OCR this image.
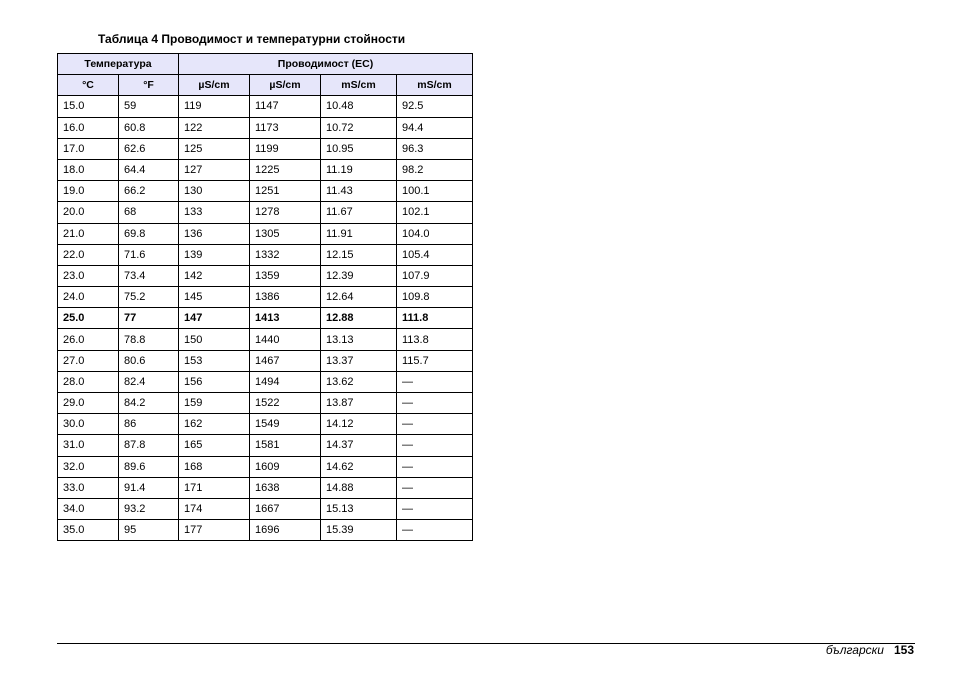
Таблица 4 Проводимост и температурни стойности
Температура		Проводимост (EC)			
°C	°F	µS/cm	µS/cm	mS/cm	mS/cm
15.0	59	119	1147	10.48	92.5
16.0	60.8	122	1173	10.72	94.4
17.0	62.6	125	1199	10.95	96.3
18.0	64.4	127	1225	11.19	98.2
19.0	66.2	130	1251	11.43	100.1
20.0	68	133	1278	11.67	102.1
21.0	69.8	136	1305	11.91	104.0
22.0	71.6	139	1332	12.15	105.4
23.0	73.4	142	1359	12.39	107.9
24.0	75.2	145	1386	12.64	109.8
25.0	77	147	1413	12.88	111.8
26.0	78.8	150	1440	13.13	113.8
27.0	80.6	153	1467	13.37	115.7
28.0	82.4	156	1494	13.62	—
29.0	84.2	159	1522	13.87	—
30.0	86	162	1549	14.12	—
31.0	87.8	165	1581	14.37	—
32.0	89.6	168	1609	14.62	—
33.0	91.4	171	1638	14.88	—
34.0	93.2	174	1667	15.13	—
35.0	95	177	1696	15.39	—
български 153
